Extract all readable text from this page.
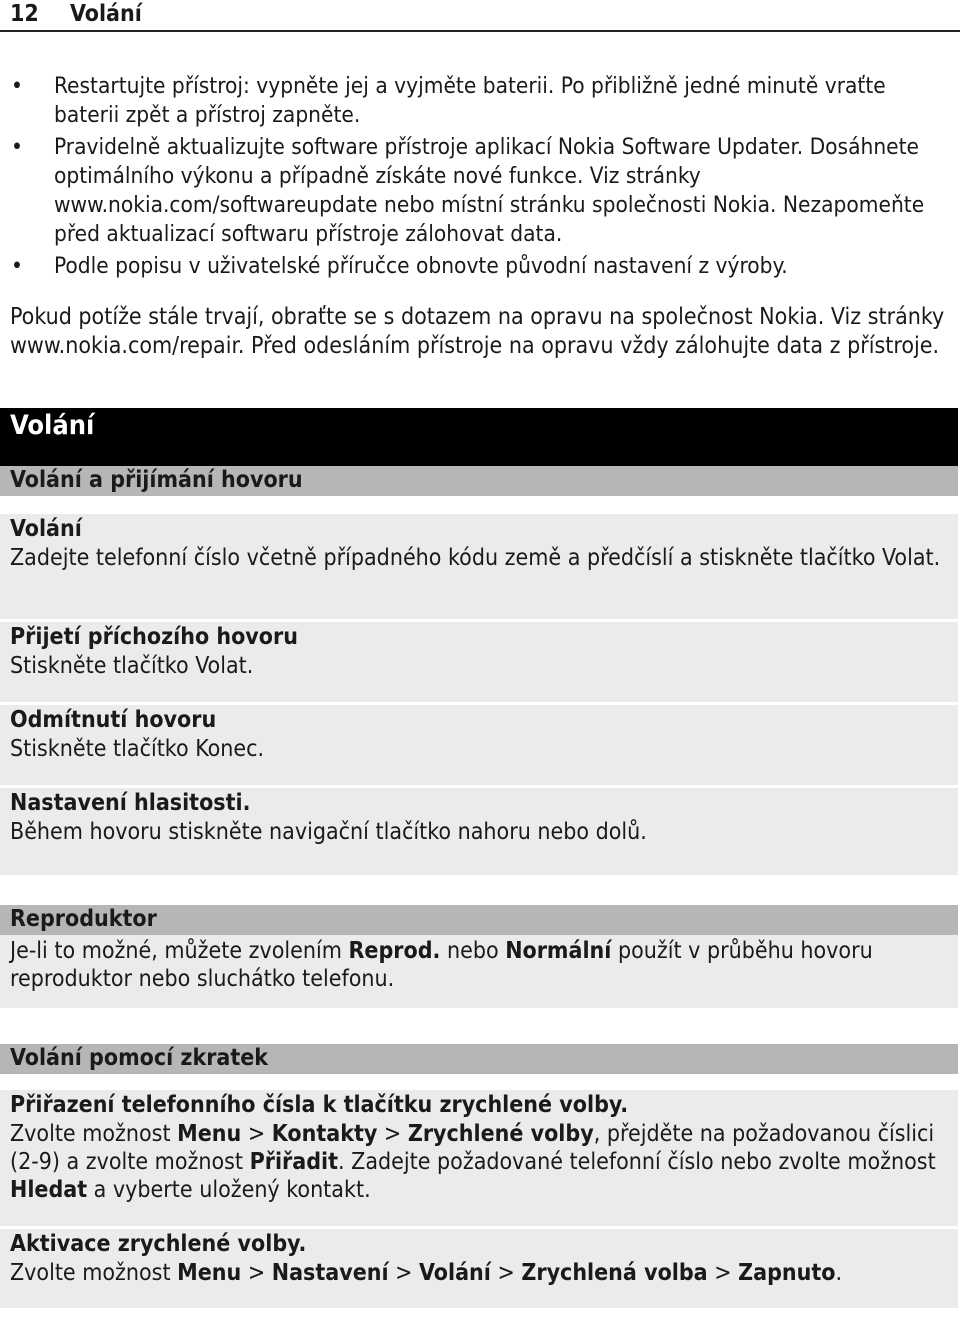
12 Volání
• Restartujte přístroj: vypněte jej a vyjměte baterii. Po přibližně jedné minutě vraťte baterii zpět a přístroj zapněte.
• Pravidelně aktualizujte software přístroje aplikací Nokia Software Updater. Dosáhnete optimálního výkonu a případně získáte nové funkce. Viz stránky www.nokia.com/softwareupdate nebo místní stránku společnosti Nokia. Nezapomeňte před aktualizací softwaru přístroje zálohovat data.
• Podle popisu v uživatelské příručce obnovte původní nastavení z výroby.
Pokud potíže stále trvají, obraťte se s dotazem na opravu na společnost Nokia. Viz stránky www.nokia.com/repair. Před odesláním přístroje na opravu vždy zálohujte data z přístroje.
Volání
Volání a přijímání hovoru
Volání
Zadejte telefonní číslo včetně případného kódu země a předčíslí a stiskněte tlačítko Volat.
Přijetí příchozího hovoru
Stiskněte tlačítko Volat.
Odmítnutí hovoru
Stiskněte tlačítko Konec.
Nastavení hlasitosti.
Během hovoru stiskněte navigační tlačítko nahoru nebo dolů.
Reproduktor
Je-li to možné, můžete zvolením Reprod. nebo Normální použít v průběhu hovoru reproduktor nebo sluchátko telefonu.
Volání pomocí zkratek
Přiřazení telefonního čísla k tlačítku zrychlené volby.
Zvolte možnost Menu > Kontakty > Zrychlené volby, přejděte na požadovanou číslici (2-9) a zvolte možnost Přiřadit. Zadejte požadované telefonní číslo nebo zvolte možnost Hledat a vyberte uložený kontakt.
Aktivace zrychlené volby.
Zvolte možnost Menu > Nastavení > Volání > Zrychlená volba > Zapnuto.
